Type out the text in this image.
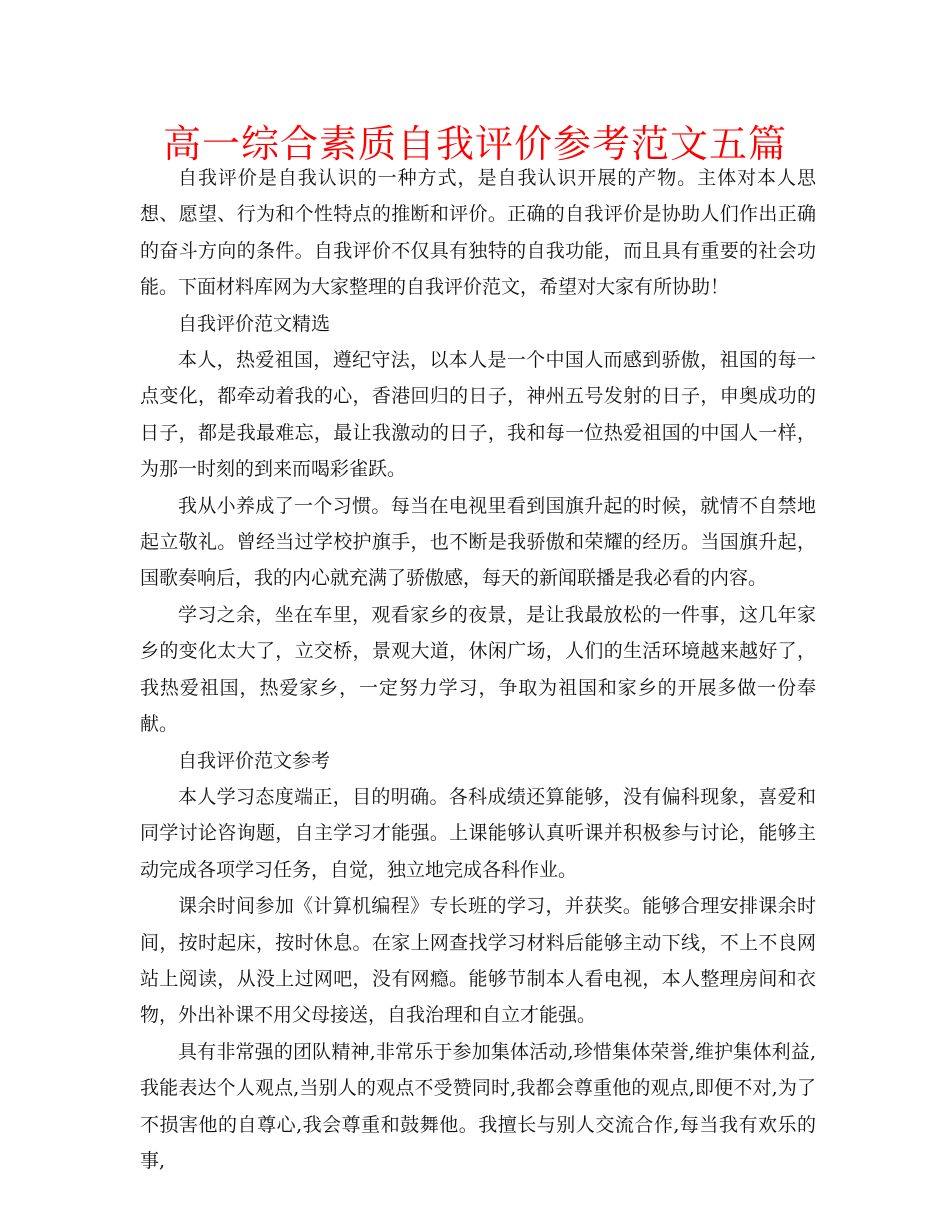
高一综合素质自我评价参考范文五篇

自我评价是自我认识的一种方式，是自我认识开展的产物。主体对本人思想、愿望、行为和个性特点的推断和评价。正确的自我评价是协助人们作出正确的奋斗方向的条件。自我评价不仅具有独特的自我功能，而且具有重要的社会功能。下面材料库网为大家整理的自我评价范文，希望对大家有所协助！

自我评价范文精选

本人，热爱祖国，遵纪守法，以本人是一个中国人而感到骄傲，祖国的每一点变化，都牵动着我的心，香港回归的日子，神州五号发射的日子，申奥成功的日子，都是我最难忘，最让我激动的日子，我和每一位热爱祖国的中国人一样，为那一时刻的到来而喝彩雀跃。

我从小养成了一个习惯。每当在电视里看到国旗升起的时候，就情不自禁地起立敬礼。曾经当过学校护旗手，也不断是我骄傲和荣耀的经历。当国旗升起，国歌奏响后，我的内心就充满了骄傲感，每天的新闻联播是我必看的内容。

学习之余，坐在车里，观看家乡的夜景，是让我最放松的一件事，这几年家乡的变化太大了，立交桥，景观大道，休闲广场，人们的生活环境越来越好了，我热爱祖国，热爱家乡，一定努力学习，争取为祖国和家乡的开展多做一份奉献。

自我评价范文参考

本人学习态度端正，目的明确。各科成绩还算能够，没有偏科现象，喜爱和同学讨论咨询题，自主学习才能强。上课能够认真听课并积极参与讨论，能够主动完成各项学习任务，自觉，独立地完成各科作业。

课余时间参加《计算机编程》专长班的学习，并获奖。能够合理安排课余时间，按时起床，按时休息。在家上网查找学习材料后能够主动下线，不上不良网站上阅读，从没上过网吧，没有网瘾。能够节制本人看电视，本人整理房间和衣物，外出补课不用父母接送，自我治理和自立才能强。

具有非常强的团队精神,非常乐于参加集体活动,珍惜集体荣誉,维护集体利益,我能表达个人观点,当别人的观点不受赞同时,我都会尊重他的观点,即便不对,为了不损害他的自尊心,我会尊重和鼓舞他。我擅长与别人交流合作,每当我有欢乐的事,
